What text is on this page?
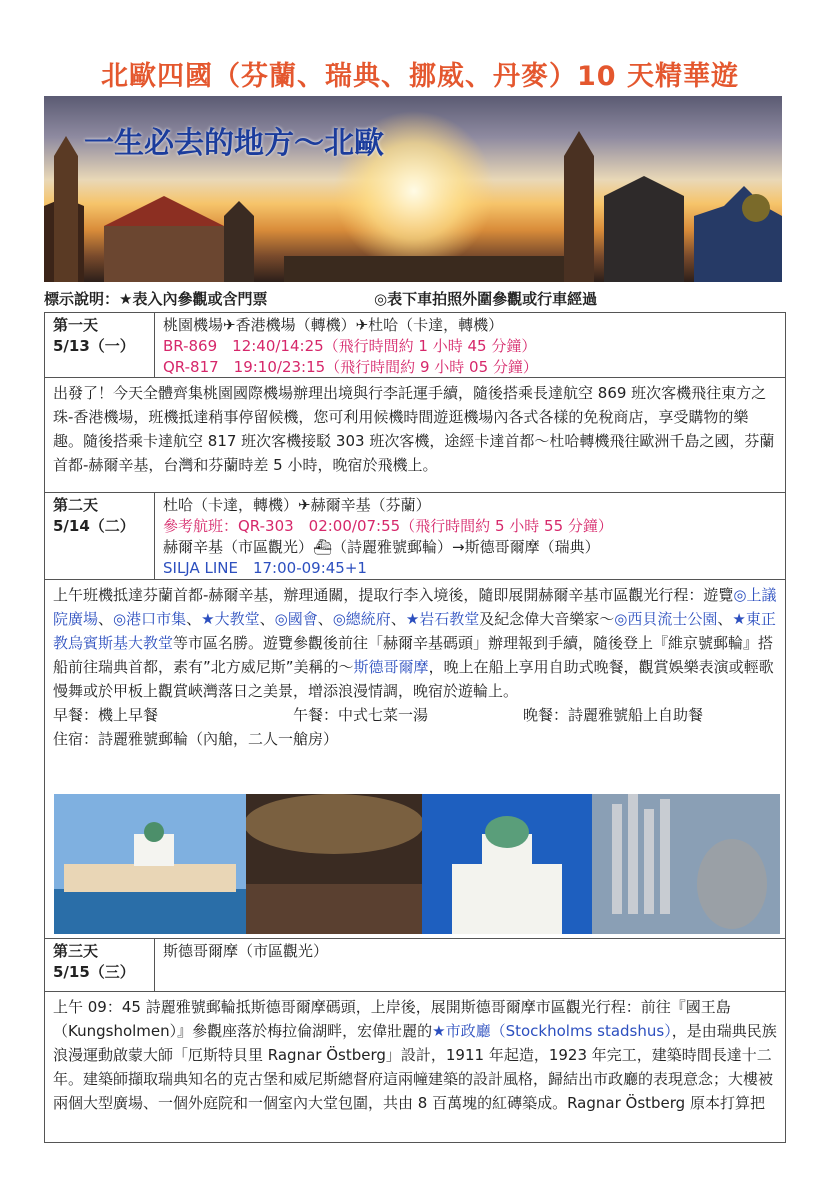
北歐四國（芬蘭、瑞典、挪威、丹麥）10 天精華遊
一生必去的地方～北歐
標示說明：★表入內參觀或含門票	◎表下車拍照外圍參觀或行車經過
第一天
5/13（一）
桃園機場✈香港機場（轉機）✈杜哈（卡達，轉機）
BR-869　12:40/14:25（飛行時間約 1 小時 45 分鐘）
QR-817　19:10/23:15（飛行時間約 9 小時 05 分鐘）
出發了！今天全體齊集桃園國際機場辦理出境與行李託運手續，隨後搭乘長達航空 869 班次客機飛往東方之珠-香港機場，班機抵達稍事停留候機，您可利用候機時間遊逛機場內各式各樣的免稅商店，享受購物的樂趣。隨後搭乘卡達航空 817 班次客機接駁 303 班次客機，途經卡達首都～杜哈轉機飛往歐洲千島之國，芬蘭首都-赫爾辛基，台灣和芬蘭時差 5 小時，晚宿於飛機上。
第二天
5/14（二）
杜哈（卡達，轉機）✈赫爾辛基（芬蘭）
參考航班：QR-303　02:00/07:55（飛行時間約 5 小時 55 分鐘）
赫爾辛基（市區觀光）⛴（詩麗雅號郵輪）→斯德哥爾摩（瑞典）
SILJA LINE　17:00-09:45+1
上午班機抵達芬蘭首都-赫爾辛基，辦理通關，提取行李入境後，隨即展開赫爾辛基市區觀光行程：遊覽◎上議院廣場、◎港口市集、★大教堂、◎國會、◎總統府、★岩石教堂及紀念偉大音樂家～◎西貝流士公園、★東正教烏賓斯基大教堂等市區名勝。遊覽參觀後前往「赫爾辛基碼頭」辦理報到手續，隨後登上『維京號郵輪』搭船前往瑞典首都，素有”北方威尼斯”美稱的～斯德哥爾摩，晚上在船上享用自助式晚餐，觀賞娛樂表演或輕歌慢舞或於甲板上觀賞峽灣落日之美景，增添浪漫情調，晚宿於遊輪上。
早餐：機上早餐	午餐：中式七菜一湯	晚餐：詩麗雅號船上自助餐
住宿：詩麗雅號郵輪（內艙，二人一艙房）
第三天
5/15（三）
斯德哥爾摩（市區觀光）
上午 09：45 詩麗雅號郵輪抵斯德哥爾摩碼頭，上岸後，展開斯德哥爾摩市區觀光行程：前往『國王島（Kungsholmen）』參觀座落於梅拉倫湖畔，宏偉壯麗的★市政廳（Stockholms stadshus），是由瑞典民族浪漫運動啟蒙大師「厄斯特貝里 Ragnar Östberg」設計，1911 年起造，1923 年完工，建築時間長達十二年。建築師擷取瑞典知名的克古堡和威尼斯總督府這兩幢建築的設計風格，歸結出市政廳的表現意念；大樓被兩個大型廣場、一個外庭院和一個室內大堂包圍，共由 8 百萬塊的紅磚築成。Ragnar Östberg 原本打算把
